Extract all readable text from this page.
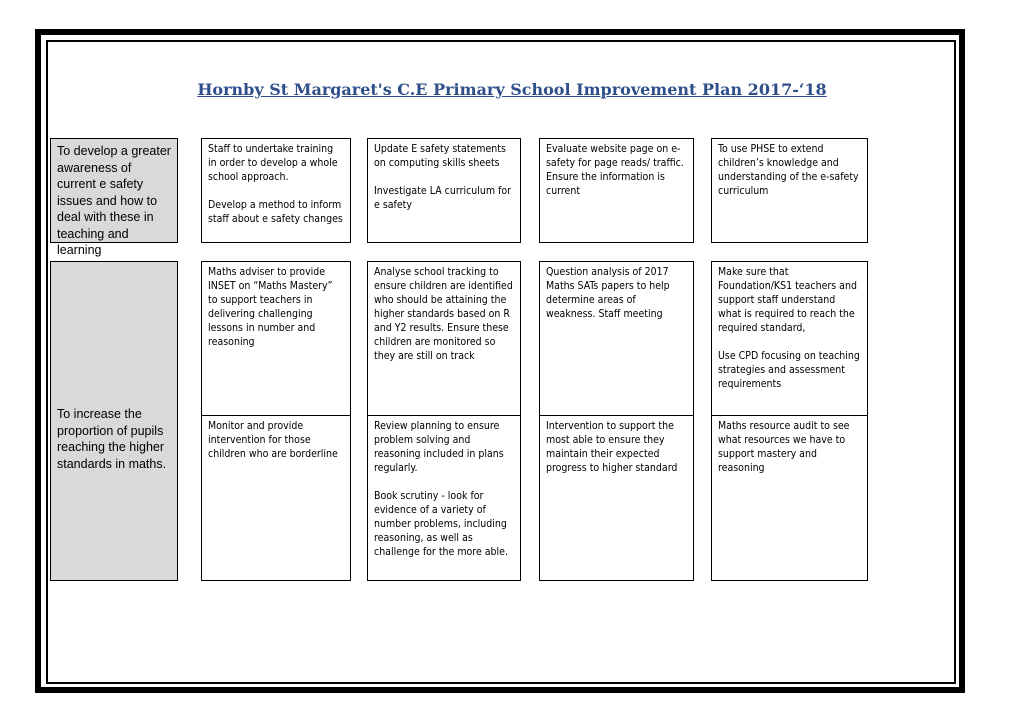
Hornby St Margaret's C.E Primary School Improvement Plan 2017-‘18
To develop a greater awareness of current e safety issues and how to deal with these in teaching and learning
Staff to undertake training in order to develop a whole school approach.

Develop a method to inform staff about e safety changes
Update E safety statements on computing skills sheets

Investigate LA curriculum for e safety
Evaluate website page on e-safety for page reads/ traffic.
Ensure the information is current
To use PHSE to extend children’s knowledge and understanding of the e-safety curriculum
To increase the proportion of pupils reaching the higher standards in maths.
Maths adviser to provide INSET on “Maths Mastery” to support teachers in delivering challenging lessons in number and reasoning
Analyse school tracking to ensure children are identified who should be attaining the higher standards based on R and Y2 results. Ensure these children are monitored so they are still on track
Question analysis of 2017 Maths SATs papers to help determine areas of weakness. Staff meeting
Make sure that Foundation/KS1 teachers and support staff understand what is required to reach the required standard,

Use CPD focusing on teaching strategies and assessment requirements
Monitor and provide intervention for those children who are borderline
Review planning to ensure problem solving and reasoning included in plans regularly.

Book scrutiny - look for evidence of a variety of number problems, including reasoning, as well as challenge for the more able.
Intervention to support the most able to ensure they maintain their expected progress to higher standard
Maths resource audit to see what resources we have to support mastery and reasoning
